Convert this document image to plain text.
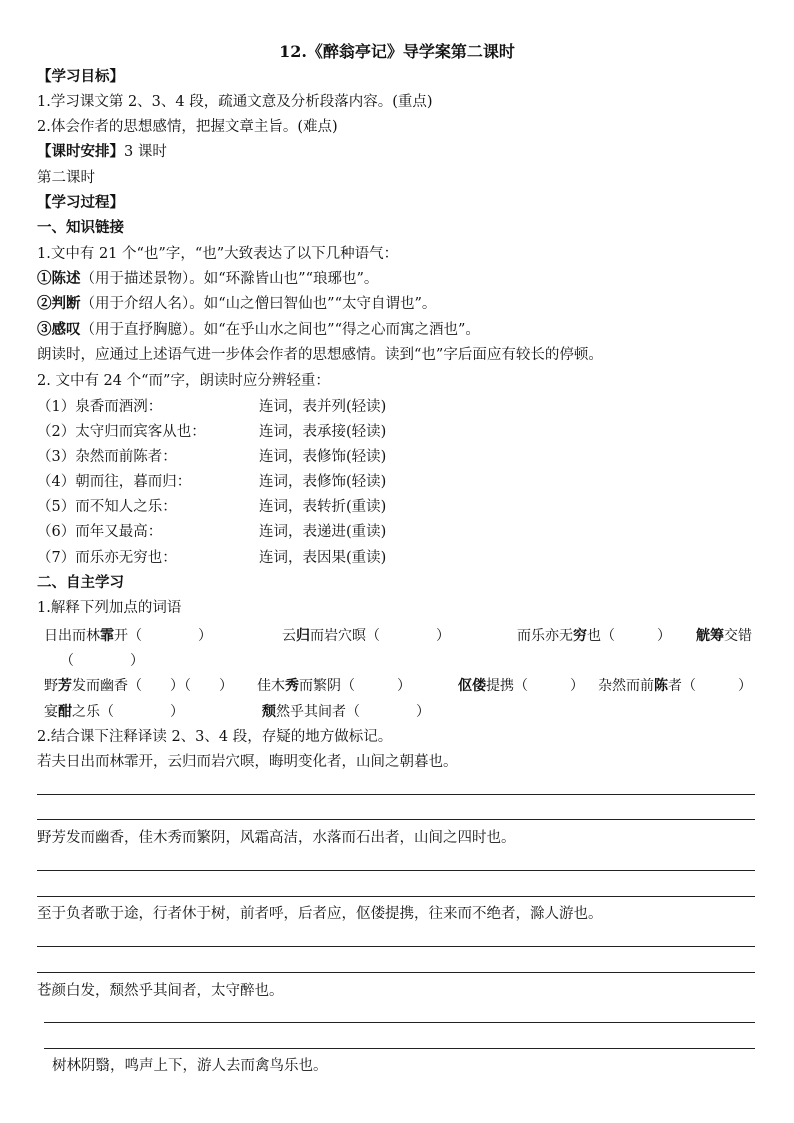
12.《醉翁亭记》导学案第二课时
【学习目标】
1.学习课文第 2、3、4 段，疏通文意及分析段落内容。(重点)
2.体会作者的思想感情，把握文章主旨。(难点)
【课时安排】3 课时
第二课时
【学习过程】
一、知识链接
1.文中有 21 个“也”字，“也”大致表达了以下几种语气：
①陈述（用于描述景物）。如“环滁皆山也”“琅琊也”。
②判断（用于介绍人名）。如“山之僧曰智仙也”“太守自谓也”。
③感叹（用于直抒胸臆）。如“在乎山水之间也”“得之心而寓之酒也”。
朗读时，应通过上述语气进一步体会作者的思想感情。读到“也”字后面应有较长的停顿。
2. 文中有 24 个“而”字，朗读时应分辨轻重：
（1）泉香而酒洌：	连词，表并列(轻读)
（2）太守归而宾客从也：	连词，表承接(轻读)
（3）杂然而前陈者：	连词，表修饰(轻读)
（4）朝而往，暮而归：	连词，表修饰(轻读)
（5）而不知人之乐：	连词，表转折(重读)
（6）而年又最高：	连词，表递进(重读)
（7）而乐亦无穷也：	连词，表因果(重读)
二、自主学习
1.解释下列加点的词语
日出而林霏开（　　　　）	云归而岩穴暝（　　　　）	而乐亦无穷也（　　　） 觥筹交错
（　　　　）
野芳发而幽香（　　）（　　） 佳木秀而繁阴（　　　）	伛偻提携（　　　） 杂然而前陈者（　　　）
宴酣之乐（　　　　）	颓然乎其间者（　　　　）
2.结合课下注释译读 2、3、4 段，存疑的地方做标记。
若夫日出而林霏开，云归而岩穴暝，晦明变化者，山间之朝暮也。
野芳发而幽香，佳木秀而繁阴，风霜高洁，水落而石出者，山间之四时也。
至于负者歌于途，行者休于树，前者呼，后者应，伛偻提携，往来而不绝者，滁人游也。
苍颜白发，颓然乎其间者，太守醉也。
树林阴翳，鸣声上下，游人去而禽鸟乐也。
